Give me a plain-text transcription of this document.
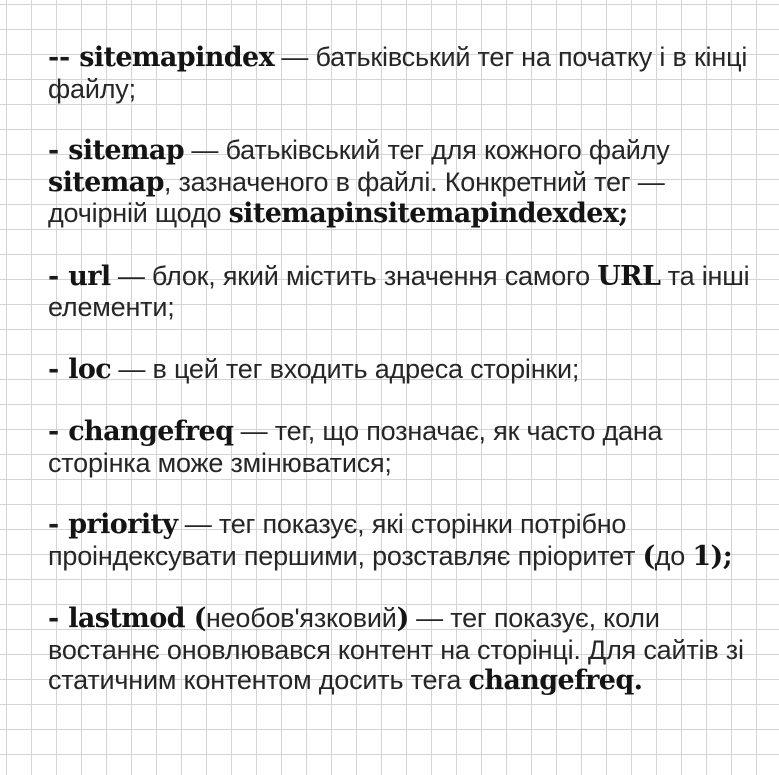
-- sitemapindex — батьківський тег на початку і в кінці файлу;

- sitemap — батьківський тег для кожного файлу sitemap, зазначеного в файлі. Конкретний тег — дочірній щодо sitemapinsitemapindexdex;

- url — блок, який містить значення самого URL та інші елементи;

- loc — в цей тег входить адреса сторінки;

- changefreq — тег, що позначає, як часто дана сторінка може змінюватися;

- priority — тег показує, які сторінки потрібно проіндексувати першими, розставляє пріоритет (до 1);

- lastmod (необов'язковий) — тег показує, коли востаннє оновлювався контент на сторінці. Для сайтів зі статичним контентом досить тега changefreq.
